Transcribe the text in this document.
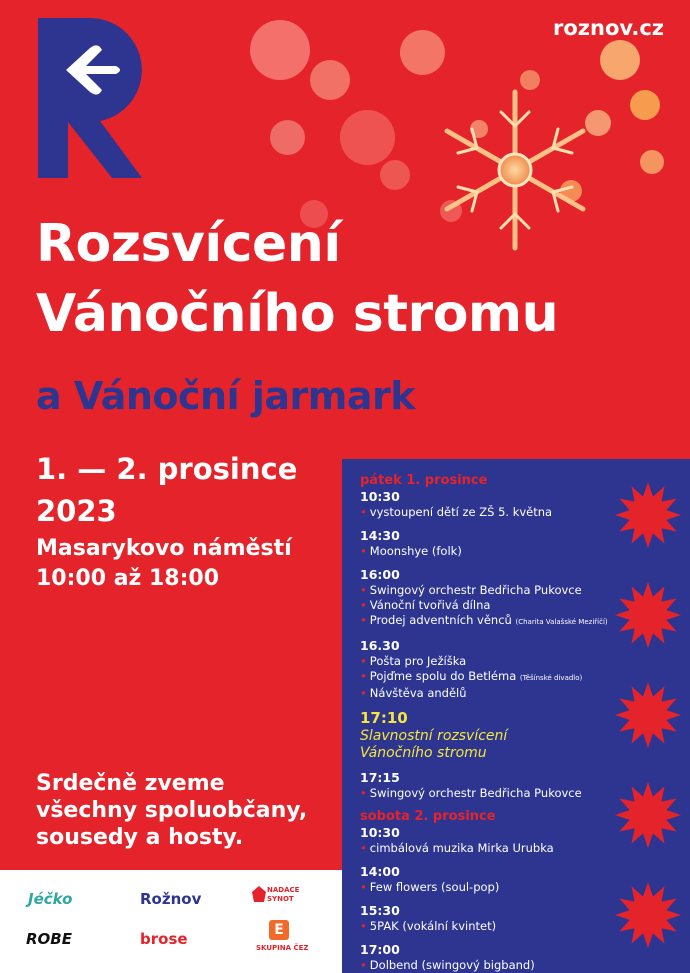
roznov.cz
Rozsvícení
Vánočního stromu
a Vánoční jarmark
1. — 2. prosince
2023
Masarykovo náměstí
10:00 až 18:00
Srdečně zveme
všechny spoluobčany,
sousedy a hosty.
Jéčko	Rožnov	NADACE SYNOT
ROBE	brose	E
SKUPINA ČEZ
pátek 1. prosince
10:30
• vystoupení dětí ze ZŠ 5. května
14:30
• Moonshye (folk)
16:00
• Swingový orchestr Bedřicha Pukovce
• Vánoční tvořivá dílna
• Prodej adventních věnců (Charita Valašské Meziříčí)
16.30
• Pošta pro Ježíška
• Pojďme spolu do Betléma (Těšínské divadlo)
• Návštěva andělů
17:10
Slavnostní rozsvícení
Vánočního stromu
17:15
• Swingový orchestr Bedřicha Pukovce
sobota 2. prosince
10:30
• cimbálová muzika Mirka Urubka
14:00
• Few flowers (soul-pop)
15:30
• 5PAK (vokální kvintet)
17:00
• Dolbend (swingový bigband)
